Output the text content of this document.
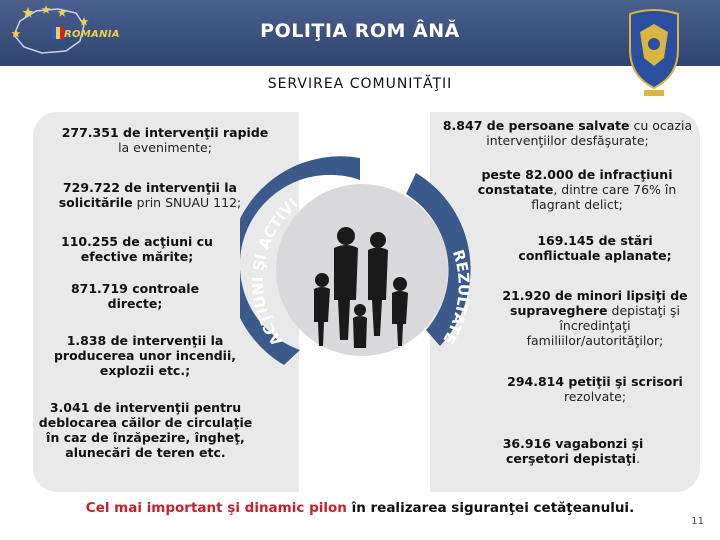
ROMANIA	POLIŢIA ROM ÂNĂ
SERVIREA COMUNITĂŢII
277.351 de intervenţii rapide
la evenimente;
729.722 de intervenţii la solicitările prin SNUAU 112;
110.255 de acţiuni cu efective mărite;
871.719 controale directe;
1.838 de intervenţii la producerea unor incendii, explozii etc.;
3.041 de intervenţii pentru deblocarea căilor de circulaţie în caz de înzăpezire, îngheţ, alunecări de teren etc.
8.847 de persoane salvate cu ocazia intervenţiilor desfăşurate;
peste 82.000 de infracţiuni constatate, dintre care 76% în flagrant delict;
169.145 de stări conflictuale aplanate;
21.920 de minori lipsiţi de supraveghere depistaţi şi încredinţaţi familiilor/autorităţilor;
294.814 petiţii şi scrisori rezolvate;
36.916 vagabonzi şi cerşetori depistaţi.
ACŢIUNI ŞI ACTIVI
REZULTATE
Cel mai important şi dinamic pilon în realizarea siguranţei cetăţeanului.
11
